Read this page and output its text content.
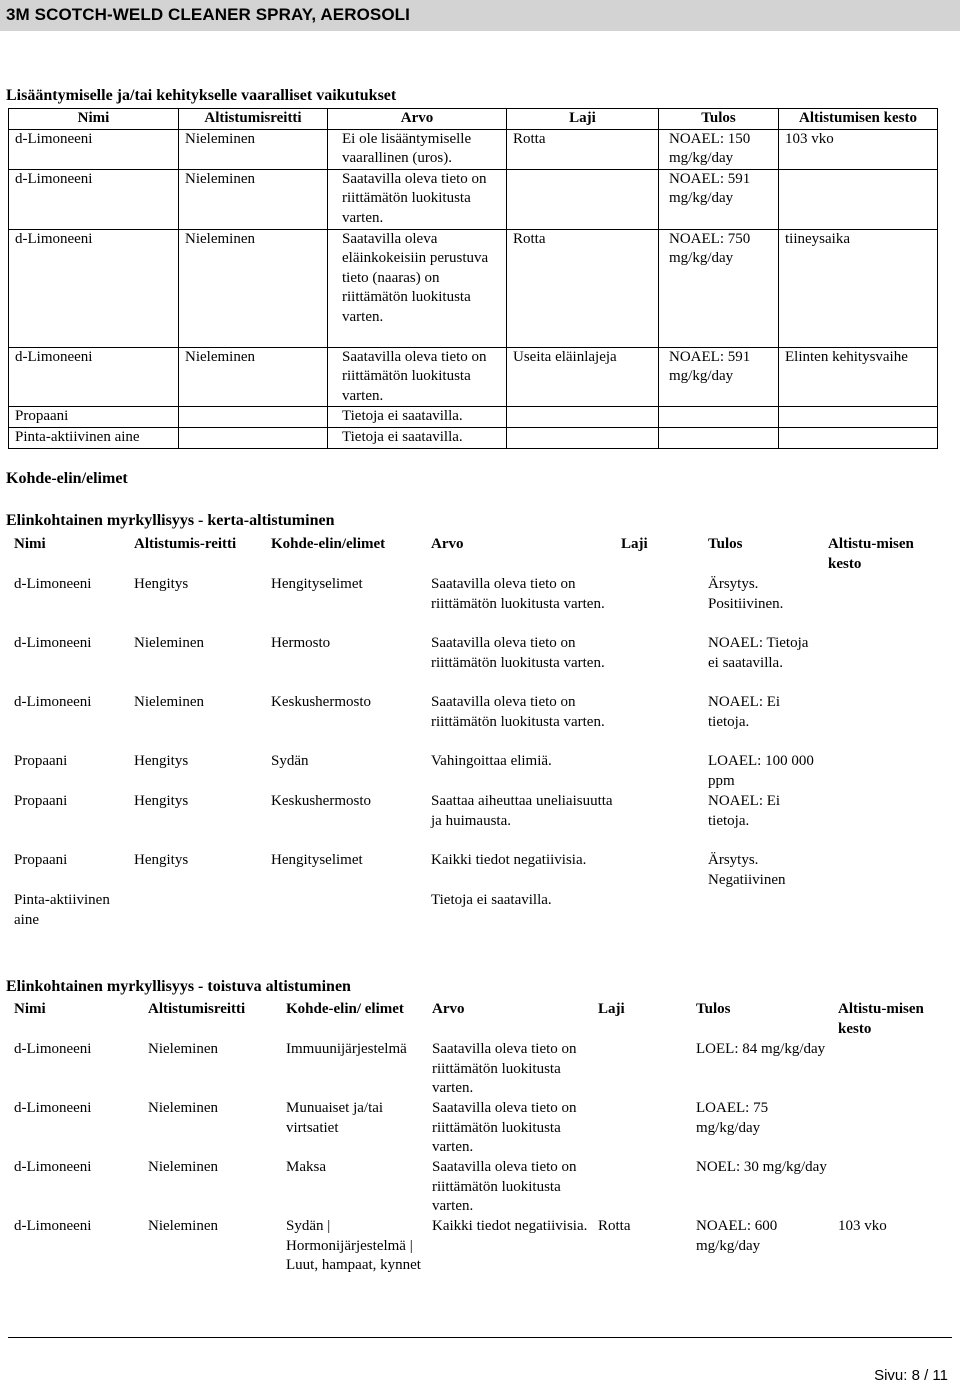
3M SCOTCH-WELD CLEANER SPRAY, AEROSOLI
Lisääntymiselle ja/tai kehitykselle vaaralliset vaikutukset
Nimi	Altistumisreitti	Arvo	Laji	Tulos	Altistumisen kesto
d-Limoneeni	Nieleminen	Ei ole lisääntymiselle vaarallinen (uros).	Rotta	NOAEL: 150 mg/kg/day	103 vko
d-Limoneeni	Nieleminen	Saatavilla oleva tieto on riittämätön luokitusta varten.		NOAEL: 591 mg/kg/day	
d-Limoneeni	Nieleminen	Saatavilla oleva eläinkokeisiin perustuva tieto (naaras) on riittämätön luokitusta varten.	Rotta	NOAEL: 750 mg/kg/day	tiineysaika
d-Limoneeni	Nieleminen	Saatavilla oleva tieto on riittämätön luokitusta varten.	Useita eläinlajeja	NOAEL: 591 mg/kg/day	Elinten kehitysvaihe
Propaani		Tietoja ei saatavilla.			
Pinta-aktiivinen aine		Tietoja ei saatavilla.			
Kohde-elin/elimet
Elinkohtainen myrkyllisyys - kerta-altistuminen
Nimi	Altistumis-reitti	Kohde-elin/elimet	Arvo	Laji	Tulos	Altistu-misen kesto
d-Limoneeni	Hengitys	Hengityselimet	Saatavilla oleva tieto on riittämätön luokitusta varten.		Ärsytys. Positiivinen.	
d-Limoneeni	Nieleminen	Hermosto	Saatavilla oleva tieto on riittämätön luokitusta varten.		NOAEL: Tietoja ei saatavilla.	
d-Limoneeni	Nieleminen	Keskushermosto	Saatavilla oleva tieto on riittämätön luokitusta varten.		NOAEL: Ei tietoja.	
Propaani	Hengitys	Sydän	Vahingoittaa elimiä.		LOAEL: 100 000 ppm	
Propaani	Hengitys	Keskushermosto	Saattaa aiheuttaa uneliaisuutta ja huimausta.		NOAEL: Ei tietoja.	
Propaani	Hengitys	Hengityselimet	Kaikki tiedot negatiivisia.		Ärsytys. Negatiivinen	
Pinta-aktiivinen aine			Tietoja ei saatavilla.			
Elinkohtainen myrkyllisyys - toistuva altistuminen
Nimi	Altistumisreitti	Kohde-elin/ elimet	Arvo	Laji	Tulos	Altistu-misen kesto
d-Limoneeni	Nieleminen	Immuunijärjestelmä	Saatavilla oleva tieto on riittämätön luokitusta varten.		LOEL: 84 mg/kg/day	
d-Limoneeni	Nieleminen	Munuaiset ja/tai virtsatiet	Saatavilla oleva tieto on riittämätön luokitusta varten.		LOAEL: 75 mg/kg/day	
d-Limoneeni	Nieleminen	Maksa	Saatavilla oleva tieto on riittämätön luokitusta varten.		NOEL: 30 mg/kg/day	
d-Limoneeni	Nieleminen	Sydän | Hormonijärjestelmä | Luut, hampaat, kynnet	Kaikki tiedot negatiivisia.	Rotta	NOAEL: 600 mg/kg/day	103 vko
Sivu: 8 / 11
